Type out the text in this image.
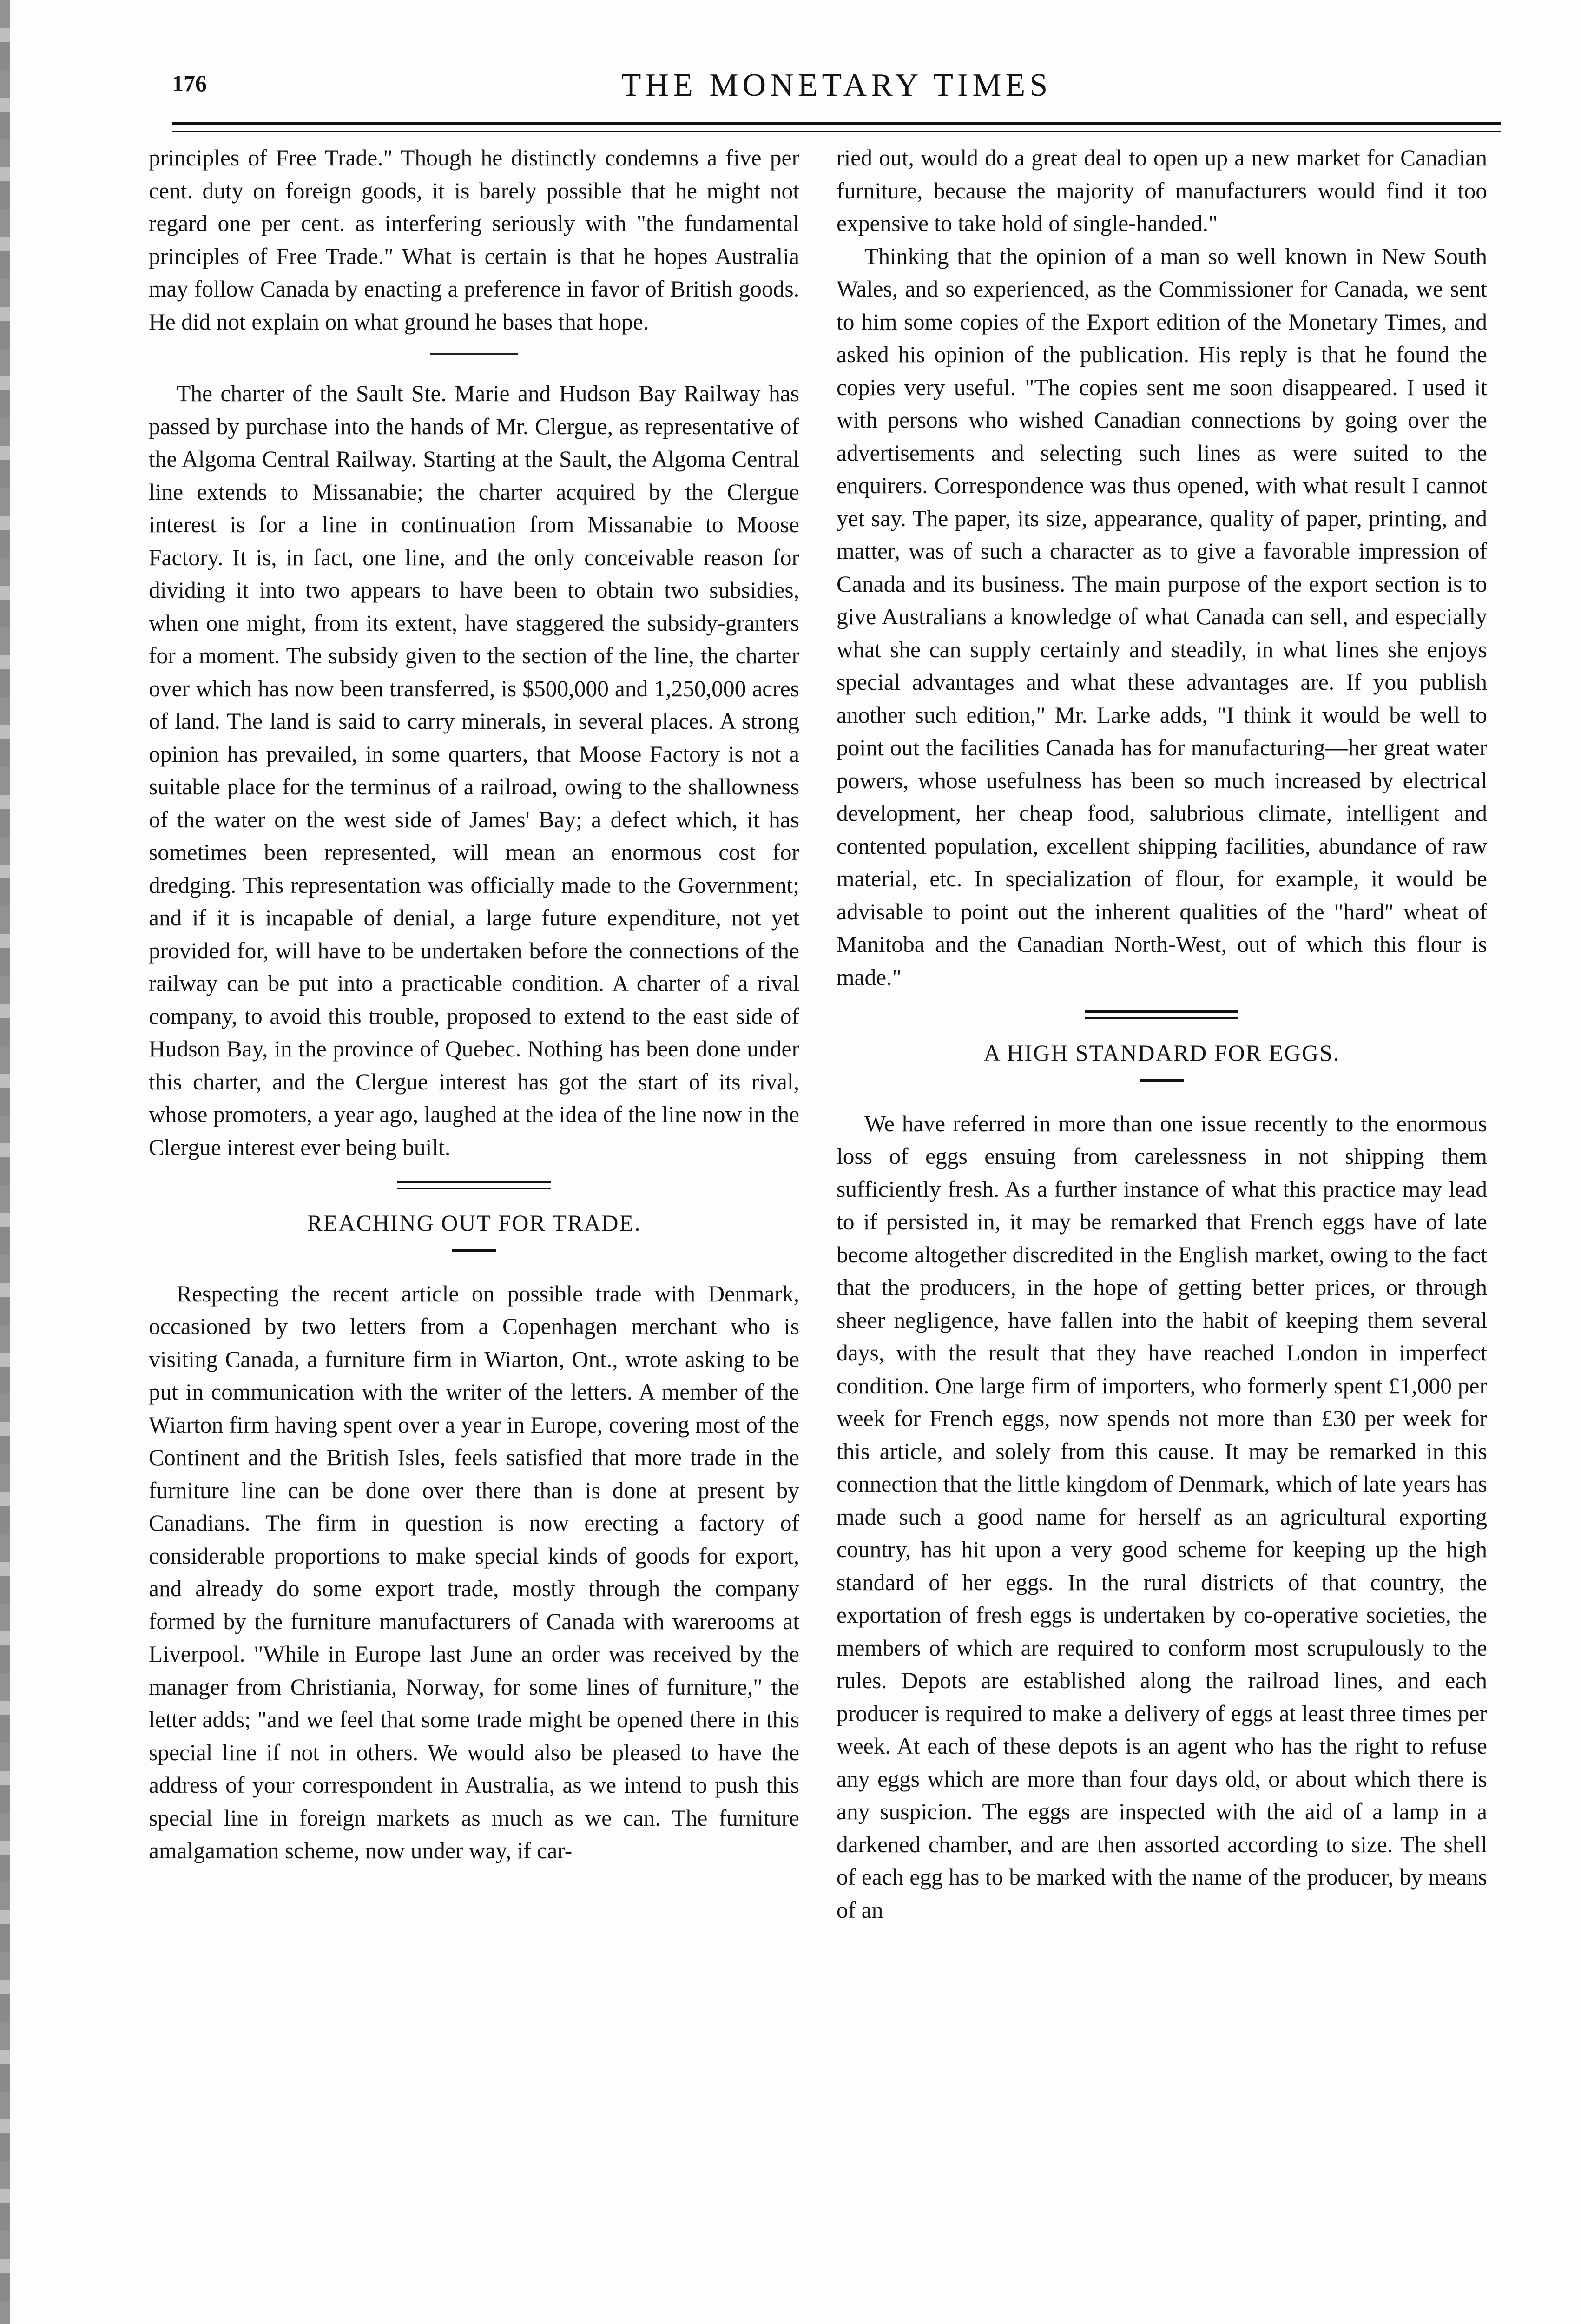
176	THE MONETARY TIMES

principles of Free Trade." Though he distinctly condemns a five per cent. duty on foreign goods, it is barely possible that he might not regard one per cent. as interfering seriously with "the fundamental principles of Free Trade." What is certain is that he hopes Australia may follow Canada by enacting a preference in favor of British goods. He did not explain on what ground he bases that hope.

The charter of the Sault Ste. Marie and Hudson Bay Railway has passed by purchase into the hands of Mr. Clergue, as representative of the Algoma Central Railway. Starting at the Sault, the Algoma Central line extends to Missanabie; the charter acquired by the Clergue interest is for a line in continuation from Missanabie to Moose Factory. It is, in fact, one line, and the only conceivable reason for dividing it into two appears to have been to obtain two subsidies, when one might, from its extent, have staggered the subsidy-granters for a moment. The subsidy given to the section of the line, the charter over which has now been transferred, is $500,000 and 1,250,000 acres of land. The land is said to carry minerals, in several places. A strong opinion has prevailed, in some quarters, that Moose Factory is not a suitable place for the terminus of a railroad, owing to the shallowness of the water on the west side of James' Bay; a defect which, it has sometimes been represented, will mean an enormous cost for dredging. This representation was officially made to the Government; and if it is incapable of denial, a large future expenditure, not yet provided for, will have to be undertaken before the connections of the railway can be put into a practicable condition. A charter of a rival company, to avoid this trouble, proposed to extend to the east side of Hudson Bay, in the province of Quebec. Nothing has been done under this charter, and the Clergue interest has got the start of its rival, whose promoters, a year ago, laughed at the idea of the line now in the Clergue interest ever being built.

REACHING OUT FOR TRADE.

Respecting the recent article on possible trade with Denmark, occasioned by two letters from a Copenhagen merchant who is visiting Canada, a furniture firm in Wiarton, Ont., wrote asking to be put in communication with the writer of the letters. A member of the Wiarton firm having spent over a year in Europe, covering most of the Continent and the British Isles, feels satisfied that more trade in the furniture line can be done over there than is done at present by Canadians. The firm in question is now erecting a factory of considerable proportions to make special kinds of goods for export, and already do some export trade, mostly through the company formed by the furniture manufacturers of Canada with warerooms at Liverpool. "While in Europe last June an order was received by the manager from Christiania, Norway, for some lines of furniture," the letter adds; "and we feel that some trade might be opened there in this special line if not in others. We would also be pleased to have the address of your correspondent in Australia, as we intend to push this special line in foreign markets as much as we can. The furniture amalgamation scheme, now under way, if car-

ried out, would do a great deal to open up a new market for Canadian furniture, because the majority of manufacturers would find it too expensive to take hold of single-handed."

Thinking that the opinion of a man so well known in New South Wales, and so experienced, as the Commissioner for Canada, we sent to him some copies of the Export edition of the Monetary Times, and asked his opinion of the publication. His reply is that he found the copies very useful. "The copies sent me soon disappeared. I used it with persons who wished Canadian connections by going over the advertisements and selecting such lines as were suited to the enquirers. Correspondence was thus opened, with what result I cannot yet say. The paper, its size, appearance, quality of paper, printing, and matter, was of such a character as to give a favorable impression of Canada and its business. The main purpose of the export section is to give Australians a knowledge of what Canada can sell, and especially what she can supply certainly and steadily, in what lines she enjoys special advantages and what these advantages are. If you publish another such edition," Mr. Larke adds, "I think it would be well to point out the facilities Canada has for manufacturing—her great water powers, whose usefulness has been so much increased by electrical development, her cheap food, salubrious climate, intelligent and contented population, excellent shipping facilities, abundance of raw material, etc. In specialization of flour, for example, it would be advisable to point out the inherent qualities of the "hard" wheat of Manitoba and the Canadian North-West, out of which this flour is made."

A HIGH STANDARD FOR EGGS.

We have referred in more than one issue recently to the enormous loss of eggs ensuing from carelessness in not shipping them sufficiently fresh. As a further instance of what this practice may lead to if persisted in, it may be remarked that French eggs have of late become altogether discredited in the English market, owing to the fact that the producers, in the hope of getting better prices, or through sheer negligence, have fallen into the habit of keeping them several days, with the result that they have reached London in imperfect condition. One large firm of importers, who formerly spent £1,000 per week for French eggs, now spends not more than £30 per week for this article, and solely from this cause. It may be remarked in this connection that the little kingdom of Denmark, which of late years has made such a good name for herself as an agricultural exporting country, has hit upon a very good scheme for keeping up the high standard of her eggs. In the rural districts of that country, the exportation of fresh eggs is undertaken by co-operative societies, the members of which are required to conform most scrupulously to the rules. Depots are established along the railroad lines, and each producer is required to make a delivery of eggs at least three times per week. At each of these depots is an agent who has the right to refuse any eggs which are more than four days old, or about which there is any suspicion. The eggs are inspected with the aid of a lamp in a darkened chamber, and are then assorted according to size. The shell of each egg has to be marked with the name of the producer, by means of an
